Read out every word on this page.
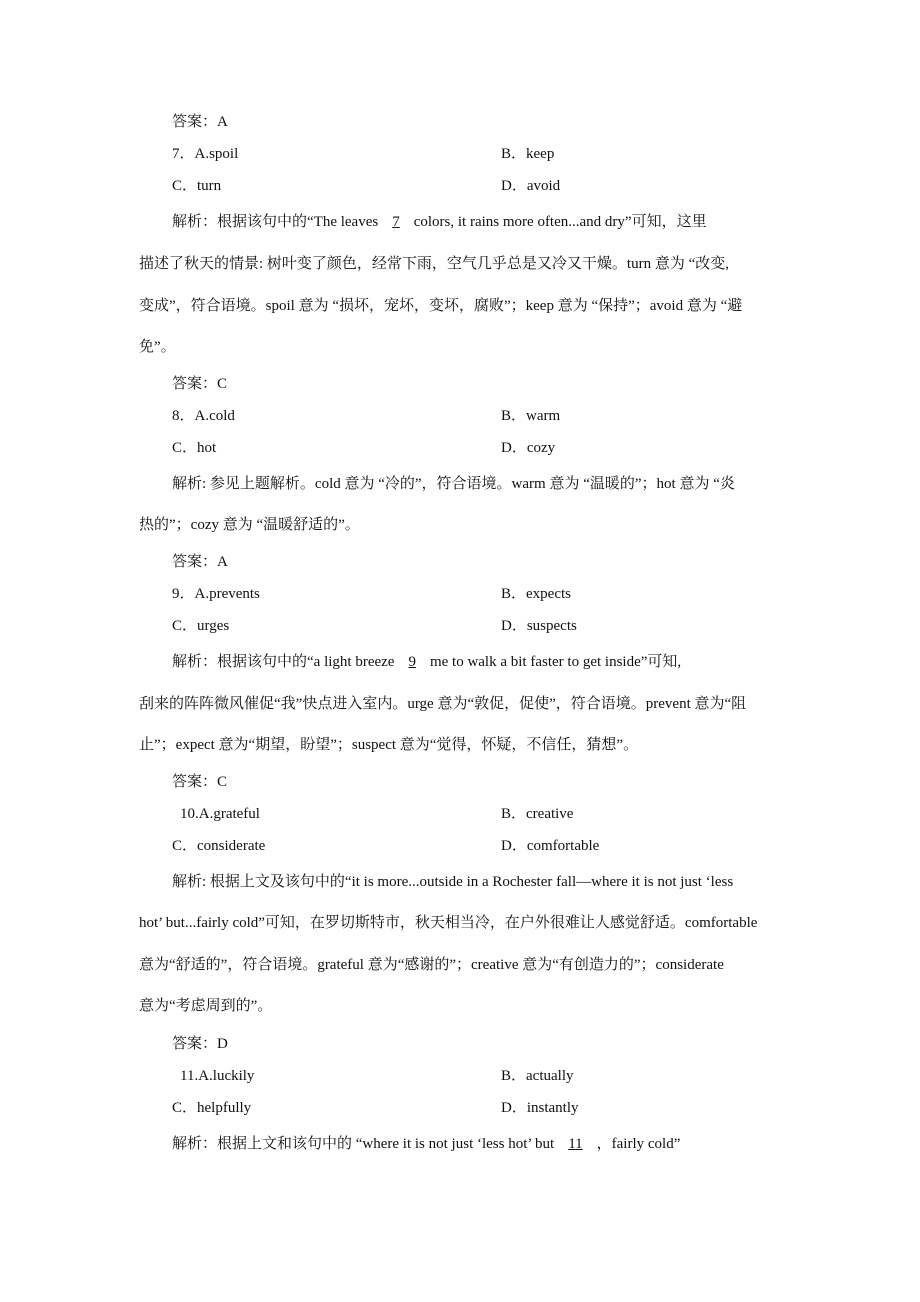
答案：A
7．A.spoil	B．keep
C．turn	D．avoid
解析：根据该句中的“The leaves 7 colors, it rains more often...and dry”可知，这里
描述了秋天的情景: 树叶变了颜色，经常下雨，空气几乎总是又冷又干燥。turn 意为 “改变,
变成”，符合语境。spoil 意为 “损坏，宠坏，变坏，腐败”；keep 意为 “保持”；avoid 意为 “避
免”。
答案：C
8．A.cold	B．warm
C．hot	D．cozy
解析: 参见上题解析。cold 意为 “冷的”，符合语境。warm 意为 “温暖的”；hot 意为 “炎
热的”；cozy 意为 “温暖舒适的”。
答案：A
9．A.prevents	B．expects
C．urges	D．suspects
解析：根据该句中的“a light breeze 9 me to walk a bit faster to get inside”可知,
刮来的阵阵微风催促“我”快点进入室内。urge 意为“敦促，促使”，符合语境。prevent 意为“阻
止”；expect 意为“期望，盼望”；suspect 意为“觉得，怀疑，不信任，猜想”。
答案：C
10.A.grateful	B．creative
C．considerate	D．comfortable
解析: 根据上文及该句中的“it is more...outside in a Rochester fall—where it is not just ‘less
hot’ but...fairly cold”可知，在罗切斯特市，秋天相当冷，在户外很难让人感觉舒适。comfortable
意为“舒适的”，符合语境。grateful 意为“感谢的”；creative 意为“有创造力的”；considerate
意为“考虑周到的”。
答案：D
11.A.luckily	B．actually
C．helpfully	D．instantly
解析：根据上文和该句中的 “where it is not just ‘less hot’ but 11 ，fairly cold”
